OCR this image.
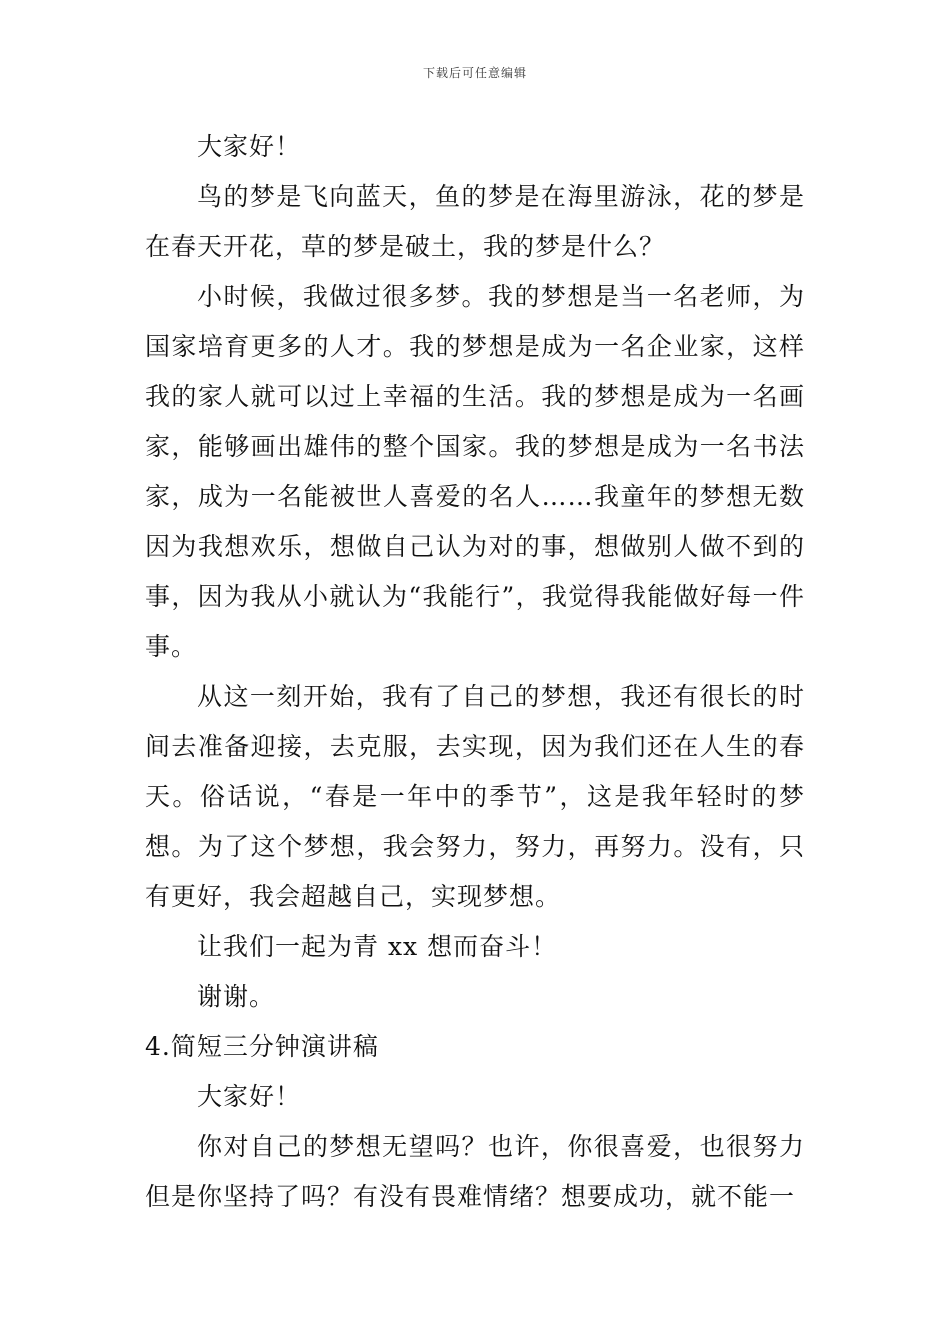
下载后可任意编辑

大家好！

鸟的梦是飞向蓝天，鱼的梦是在海里游泳，花的梦是在春天开花，草的梦是破土，我的梦是什么？

小时候，我做过很多梦。我的梦想是当一名老师，为国家培育更多的人才。我的梦想是成为一名企业家，这样我的家人就可以过上幸福的生活。我的梦想是成为一名画家，能够画出雄伟的整个国家。我的梦想是成为一名书法家，成为一名能被世人喜爱的名人……我童年的梦想无数因为我想欢乐，想做自己认为对的事，想做别人做不到的事，因为我从小就认为“我能行”，我觉得我能做好每一件事。

从这一刻开始，我有了自己的梦想，我还有很长的时间去准备迎接，去克服，去实现，因为我们还在人生的春天。俗话说，“春是一年中的季节”，这是我年轻时的梦想。为了这个梦想，我会努力，努力，再努力。没有，只有更好，我会超越自己，实现梦想。

让我们一起为青 xx 想而奋斗！

谢谢。

4.简短三分钟演讲稿

大家好！

你对自己的梦想无望吗？也许，你很喜爱，也很努力但是你坚持了吗？有没有畏难情绪？想要成功，就不能一
